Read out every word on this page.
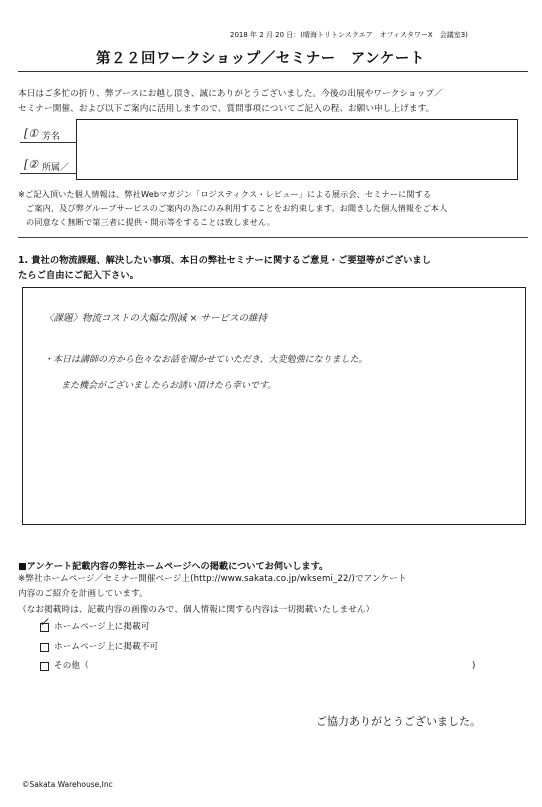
2018 年 2 月 20 日：(晴海トリトンスクエア　オフィスタワーX　会議室3)
第２２回ワークショップ／セミナー　アンケート
本日はご多忙の折り、弊ブースにお越し頂き、誠にありがとうございました。今後の出展やワークショップ／
セミナー開催、および以下ご案内に活用しますので、質問事項についてご記入の程、お願い申し上げます。
[① 芳名
[② 所属／
※ご記入頂いた個人情報は、弊社Webマガジン「ロジスティクス・レビュー」による展示会、セミナーに関する
ご案内、及び弊グループサービスのご案内の為にのみ利用することをお約束します。お聞きした個人情報をご本人
の同意なく無断で第三者に提供・開示等をすることは致しません。
1. 貴社の物流課題、解決したい事項、本日の弊社セミナーに関するご意見・ご要望等がございまし
たらご自由にご記入下さい。
〈課題〉物流コストの大幅な削減 × サービスの維持
・本日は講師の方から色々なお話を聞かせていただき、大変勉強になりました。
　また機会がございましたらお誘い頂けたら幸いです。
■アンケート記載内容の弊社ホームページへの掲載についてお伺いします。
※弊社ホームページ／セミナー開催ページ上(http://www.sakata.co.jp/wksemi_22/)でアンケート
内容のご紹介を計画しています。
（なお掲載時は、記載内容の画像のみで、個人情報に関する内容は一切掲載いたしません）
✓ ホームページ上に掲載可
ホームページ上に掲載不可
その他（	)
ご協力ありがとうございました。
©Sakata Warehouse,Inc
